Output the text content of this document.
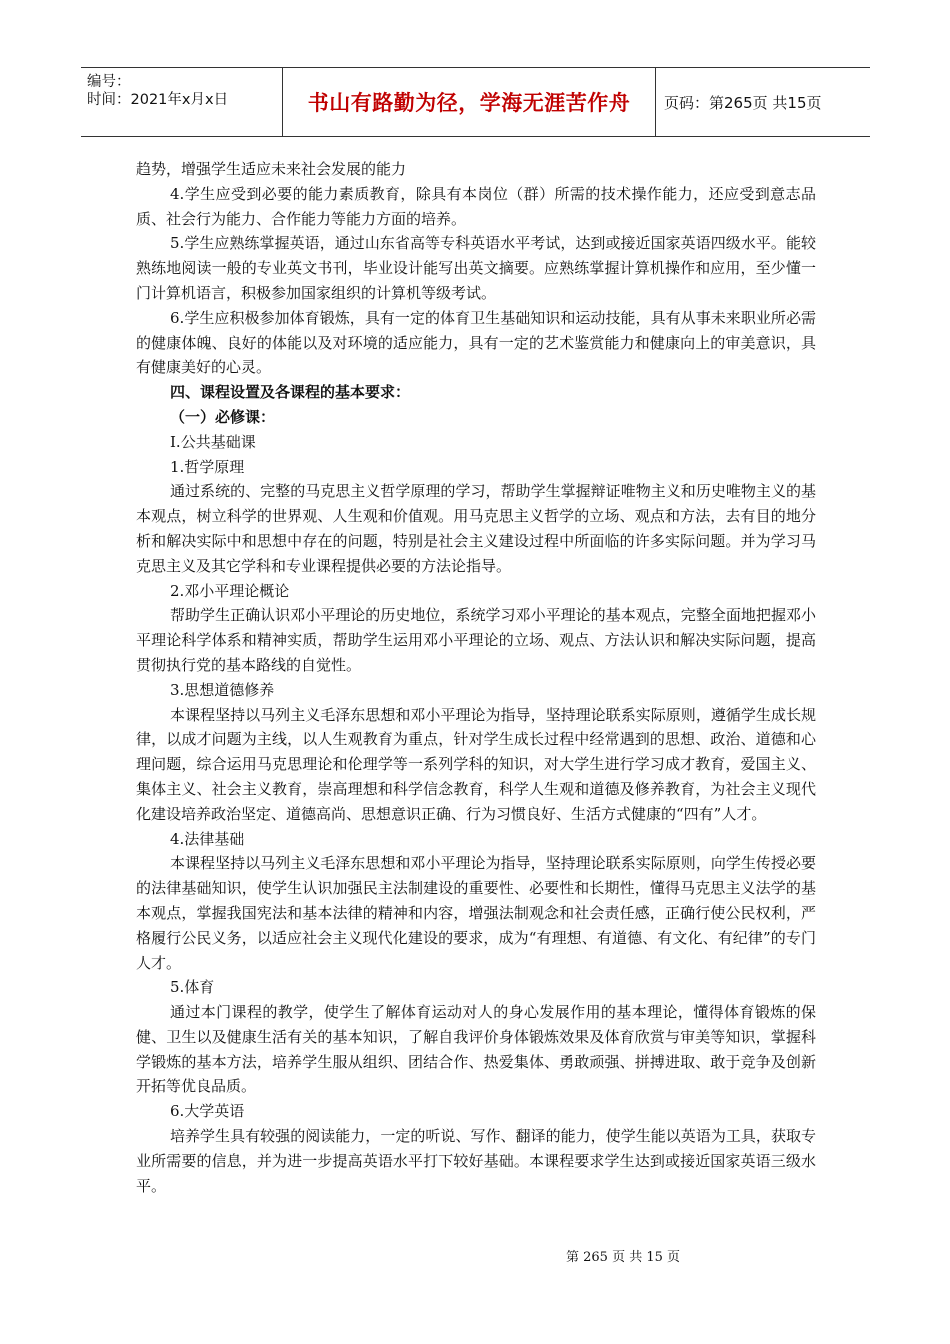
编号：
时间：2021年x月x日	书山有路勤为径，学海无涯苦作舟 页码：第265页 共15页

趋势，增强学生适应未来社会发展的能力

4.学生应受到必要的能力素质教育，除具有本岗位（群）所需的技术操作能力，还应受到意志品质、社会行为能力、合作能力等能力方面的培养。

5.学生应熟练掌握英语，通过山东省高等专科英语水平考试，达到或接近国家英语四级水平。能较熟练地阅读一般的专业英文书刊，毕业设计能写出英文摘要。应熟练掌握计算机操作和应用，至少懂一门计算机语言，积极参加国家组织的计算机等级考试。

6.学生应积极参加体育锻炼，具有一定的体育卫生基础知识和运动技能，具有从事未来职业所必需的健康体魄、良好的体能以及对环境的适应能力，具有一定的艺术鉴赏能力和健康向上的审美意识，具有健康美好的心灵。

四、课程设置及各课程的基本要求：

（一）必修课：

Ⅰ.公共基础课

1.哲学原理

通过系统的、完整的马克思主义哲学原理的学习，帮助学生掌握辩证唯物主义和历史唯物主义的基本观点，树立科学的世界观、人生观和价值观。用马克思主义哲学的立场、观点和方法，去有目的地分析和解决实际中和思想中存在的问题，特别是社会主义建设过程中所面临的许多实际问题。并为学习马克思主义及其它学科和专业课程提供必要的方法论指导。

2.邓小平理论概论

帮助学生正确认识邓小平理论的历史地位，系统学习邓小平理论的基本观点，完整全面地把握邓小平理论科学体系和精神实质，帮助学生运用邓小平理论的立场、观点、方法认识和解决实际问题，提高贯彻执行党的基本路线的自觉性。

3.思想道德修养

本课程坚持以马列主义毛泽东思想和邓小平理论为指导，坚持理论联系实际原则，遵循学生成长规律，以成才问题为主线，以人生观教育为重点，针对学生成长过程中经常遇到的思想、政治、道德和心理问题，综合运用马克思理论和伦理学等一系列学科的知识，对大学生进行学习成才教育，爱国主义、集体主义、社会主义教育，崇高理想和科学信念教育，科学人生观和道德及修养教育，为社会主义现代化建设培养政治坚定、道德高尚、思想意识正确、行为习惯良好、生活方式健康的“四有”人才。

4.法律基础

本课程坚持以马列主义毛泽东思想和邓小平理论为指导，坚持理论联系实际原则，向学生传授必要的法律基础知识，使学生认识加强民主法制建设的重要性、必要性和长期性，懂得马克思主义法学的基本观点，掌握我国宪法和基本法律的精神和内容，增强法制观念和社会责任感，正确行使公民权利，严格履行公民义务，以适应社会主义现代化建设的要求，成为“有理想、有道德、有文化、有纪律”的专门人才。

5.体育

通过本门课程的教学，使学生了解体育运动对人的身心发展作用的基本理论，懂得体育锻炼的保健、卫生以及健康生活有关的基本知识，了解自我评价身体锻炼效果及体育欣赏与审美等知识，掌握科学锻炼的基本方法，培养学生服从组织、团结合作、热爱集体、勇敢顽强、拼搏进取、敢于竞争及创新开拓等优良品质。

6.大学英语

培养学生具有较强的阅读能力，一定的听说、写作、翻译的能力，使学生能以英语为工具，获取专业所需要的信息，并为进一步提高英语水平打下较好基础。本课程要求学生达到或接近国家英语三级水平。

第 265 页 共 15 页
